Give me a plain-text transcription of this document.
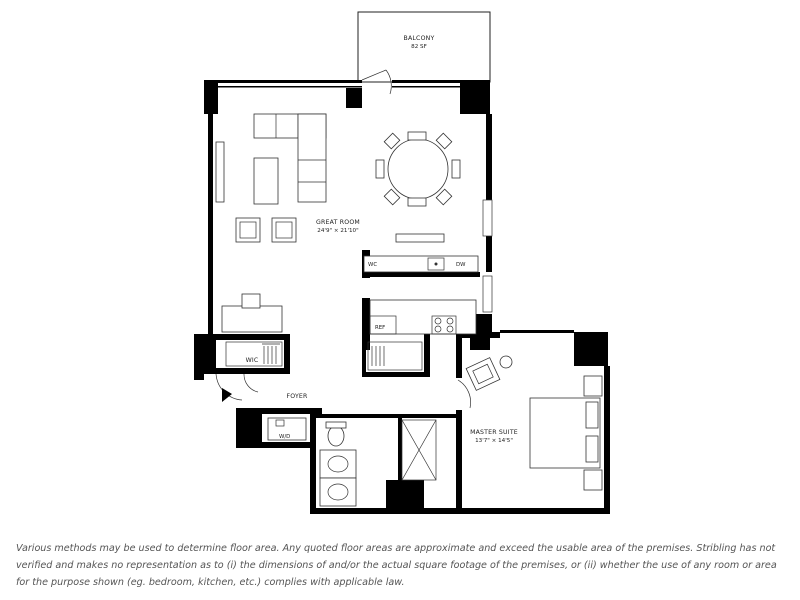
BALCONY
82 SF
GREAT ROOM
24'9" × 21'10"
MASTER SUITE
13'7" × 14'5"
FOYER
WIC
WC	DW
REF
W/D

Various methods may be used to determine floor area. Any quoted floor areas are approximate and exceed the usable area of the premises. Stribling has not verified and makes no representation as to (i) the dimensions of and/or the actual square footage of the premises, or (ii) whether the use of any room or area for the purpose shown (eg. bedroom, kitchen, etc.) complies with applicable law.
